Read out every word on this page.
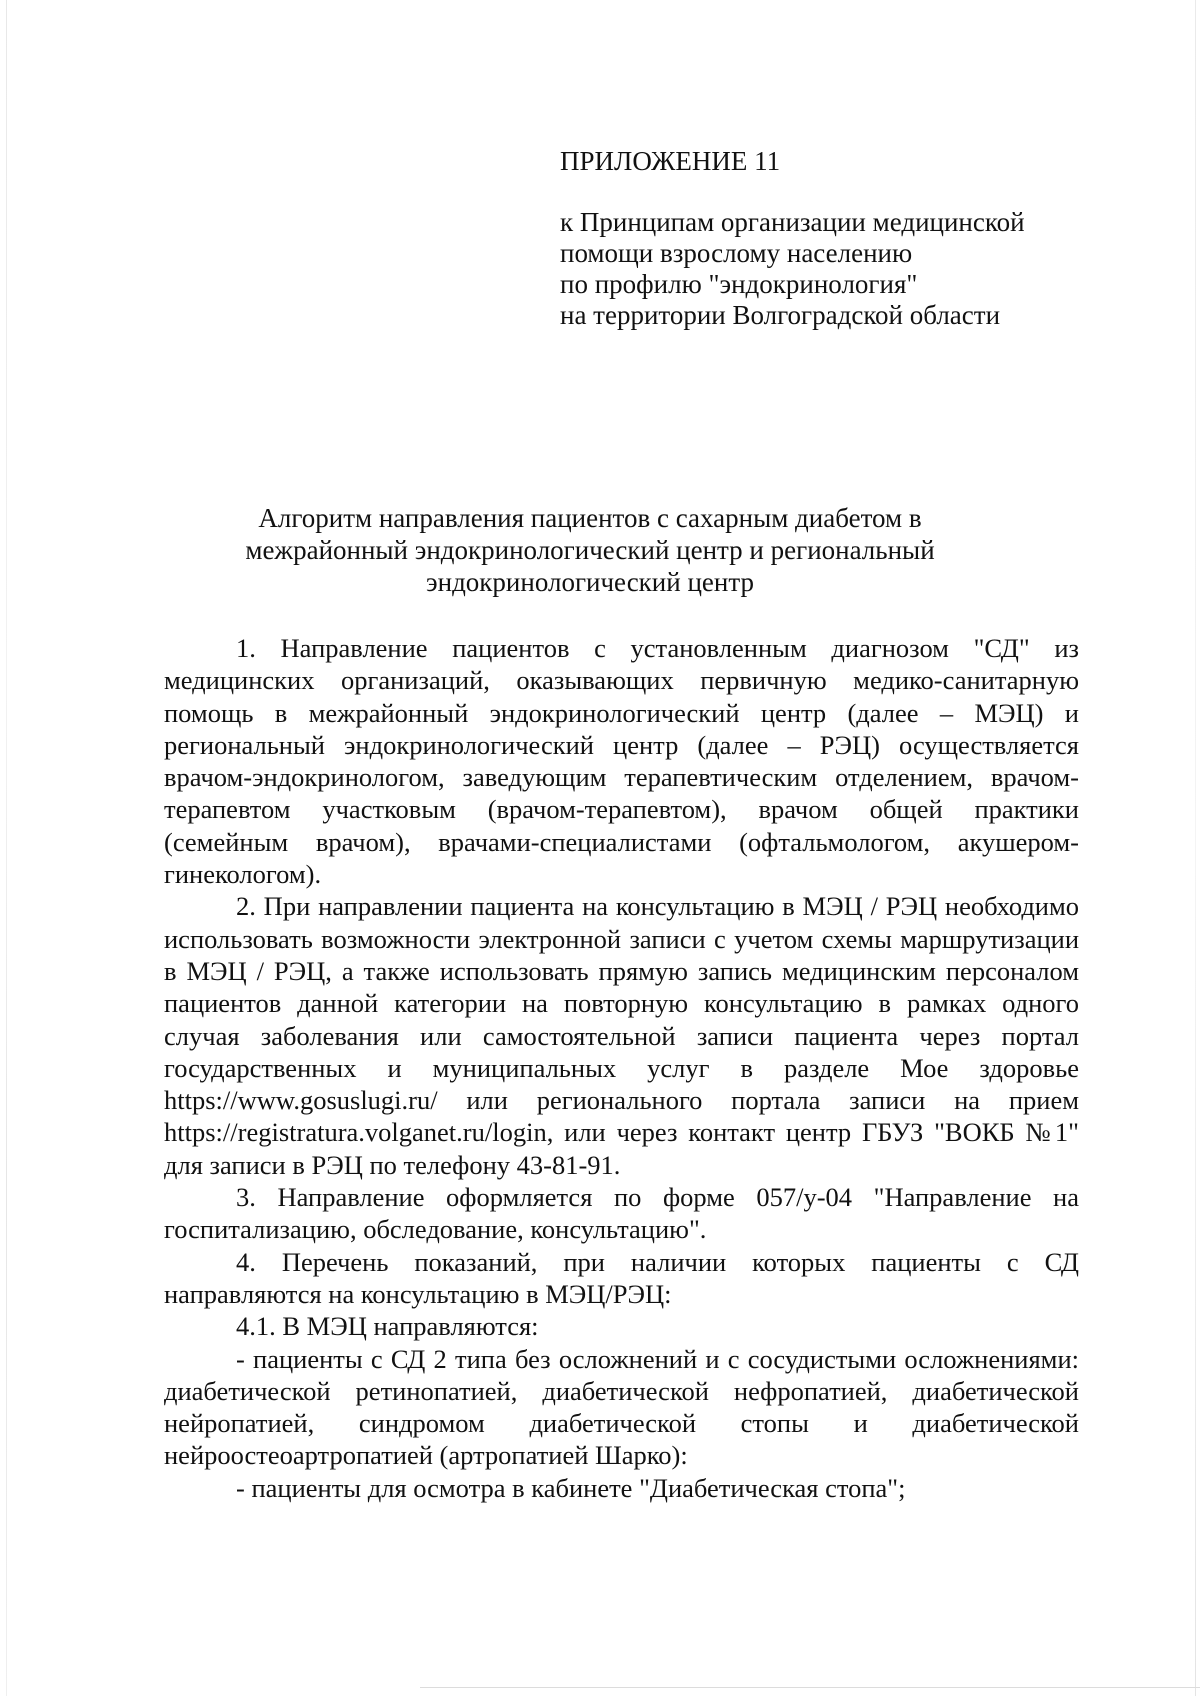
ПРИЛОЖЕНИЕ 11
к Принципам организации медицинской
помощи взрослому населению
по профилю "эндокринология"
на территории Волгоградской области
Алгоритм направления пациентов с сахарным диабетом в
межрайонный эндокринологический центр и региональный
эндокринологический центр

1. Направление пациентов с установленным диагнозом "СД" из медицинских организаций, оказывающих первичную медико-санитарную помощь в межрайонный эндокринологический центр (далее – МЭЦ) и региональный эндокринологический центр (далее – РЭЦ) осуществляется врачом-эндокринологом, заведующим терапевтическим отделением, врачом-терапевтом участковым (врачом-терапевтом), врачом общей практики (семейным врачом), врачами-специалистами (офтальмологом, акушером-гинекологом).

2. При направлении пациента на консультацию в МЭЦ / РЭЦ необходимо использовать возможности электронной записи с учетом схемы маршрутизации в МЭЦ / РЭЦ, а также использовать прямую запись медицинским персоналом пациентов данной категории на повторную консультацию в рамках одного случая заболевания или самостоятельной записи пациента через портал государственных и муниципальных услуг в разделе Мое здоровье https://www.gosuslugi.ru/ или регионального портала записи на прием https://registratura.volganet.ru/login, или через контакт центр ГБУЗ "ВОКБ №1" для записи в РЭЦ по телефону 43-81-91.

3. Направление оформляется по форме 057/у-04 "Направление на госпитализацию, обследование, консультацию".

4. Перечень показаний, при наличии которых пациенты с СД направляются на консультацию в МЭЦ/РЭЦ:

4.1. В МЭЦ направляются:

- пациенты с СД 2 типа без осложнений и с сосудистыми осложнениями: диабетической ретинопатией, диабетической нефропатией, диабетической нейропатией, синдромом диабетической стопы и диабетической нейроостеоартропатией (артропатией Шарко):

- пациенты для осмотра в кабинете "Диабетическая стопа";
